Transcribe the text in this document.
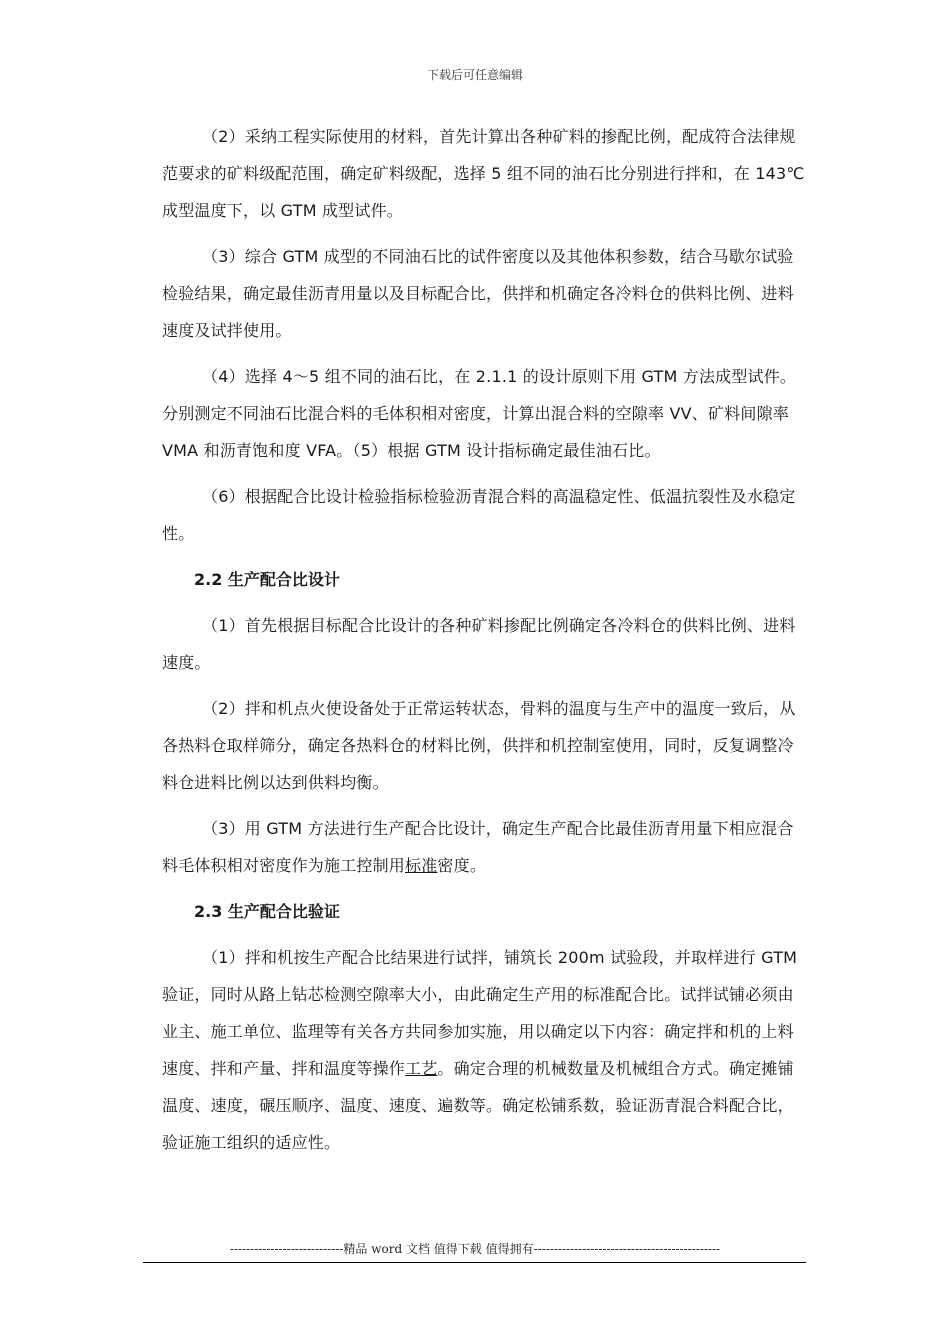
下载后可任意编辑

（2）采纳工程实际使用的材料，首先计算出各种矿料的掺配比例，配成符合法律规范要求的矿料级配范围，确定矿料级配，选择 5 组不同的油石比分别进行拌和，在 143℃成型温度下，以 GTM 成型试件。

（3）综合 GTM 成型的不同油石比的试件密度以及其他体积参数，结合马歇尔试验检验结果，确定最佳沥青用量以及目标配合比，供拌和机确定各冷料仓的供料比例、进料速度及试拌使用。

（4）选择 4～5 组不同的油石比，在 2.1.1 的设计原则下用 GTM 方法成型试件。分别测定不同油石比混合料的毛体积相对密度，计算出混合料的空隙率 VV、矿料间隙率 VMA 和沥青饱和度 VFA。（5）根据 GTM 设计指标确定最佳油石比。

（6）根据配合比设计检验指标检验沥青混合料的高温稳定性、低温抗裂性及水稳定性。

2.2 生产配合比设计

（1）首先根据目标配合比设计的各种矿料掺配比例确定各冷料仓的供料比例、进料速度。

（2）拌和机点火使设备处于正常运转状态，骨料的温度与生产中的温度一致后，从各热料仓取样筛分，确定各热料仓的材料比例，供拌和机控制室使用，同时，反复调整冷料仓进料比例以达到供料均衡。

（3）用 GTM 方法进行生产配合比设计，确定生产配合比最佳沥青用量下相应混合料毛体积相对密度作为施工控制用标准密度。

2.3 生产配合比验证

（1）拌和机按生产配合比结果进行试拌，铺筑长 200m 试验段，并取样进行 GTM 验证，同时从路上钻芯检测空隙率大小，由此确定生产用的标准配合比。试拌试铺必须由业主、施工单位、监理等有关各方共同参加实施，用以确定以下内容：确定拌和机的上料速度、拌和产量、拌和温度等操作工艺。确定合理的机械数量及机械组合方式。确定摊铺温度、速度，碾压顺序、温度、速度、遍数等。确定松铺系数，验证沥青混合料配合比，验证施工组织的适应性。

----------------------------精品 word 文档 值得下载 值得拥有----------------------------------------------
